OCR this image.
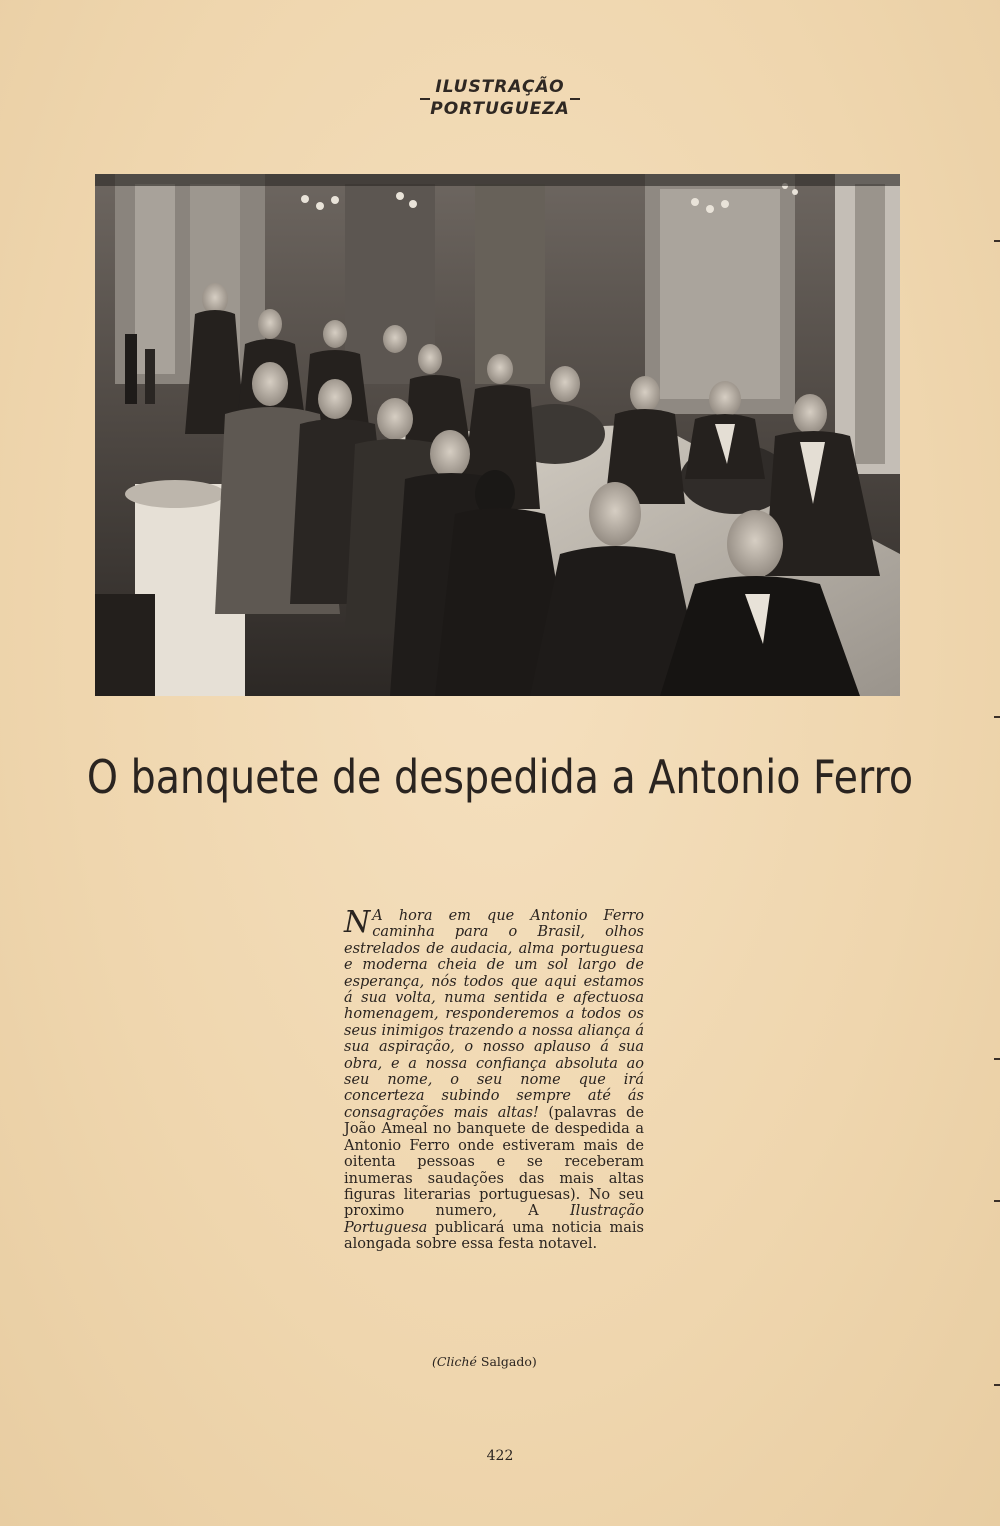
ILUSTRAÇÃO
PORTUGUEZA
O banquete de despedida a Antonio Ferro
N A hora em que Antonio Ferro caminha para o Brasil, olhos estrelados de audacia, alma portuguesa e moderna cheia de um sol largo de esperança, nós todos que aqui estamos á sua volta, numa sentida e afectuosa homenagem, responderemos a todos os seus inimigos trazendo a nossa aliança á sua aspiração, o nosso aplauso á sua obra, e a nossa confiança absoluta ao seu nome, o seu nome que irá concerteza subindo sempre até ás consagrações mais altas! (palavras de João Ameal no banquete de despedida a Antonio Ferro onde estiveram mais de oitenta pessoas e se receberam inumeras saudações das mais altas figuras literarias portuguesas). No seu proximo numero, A Ilustração Portuguesa publicará uma noticia mais alongada sobre essa festa notavel.
(Cliché Salgado)
422
